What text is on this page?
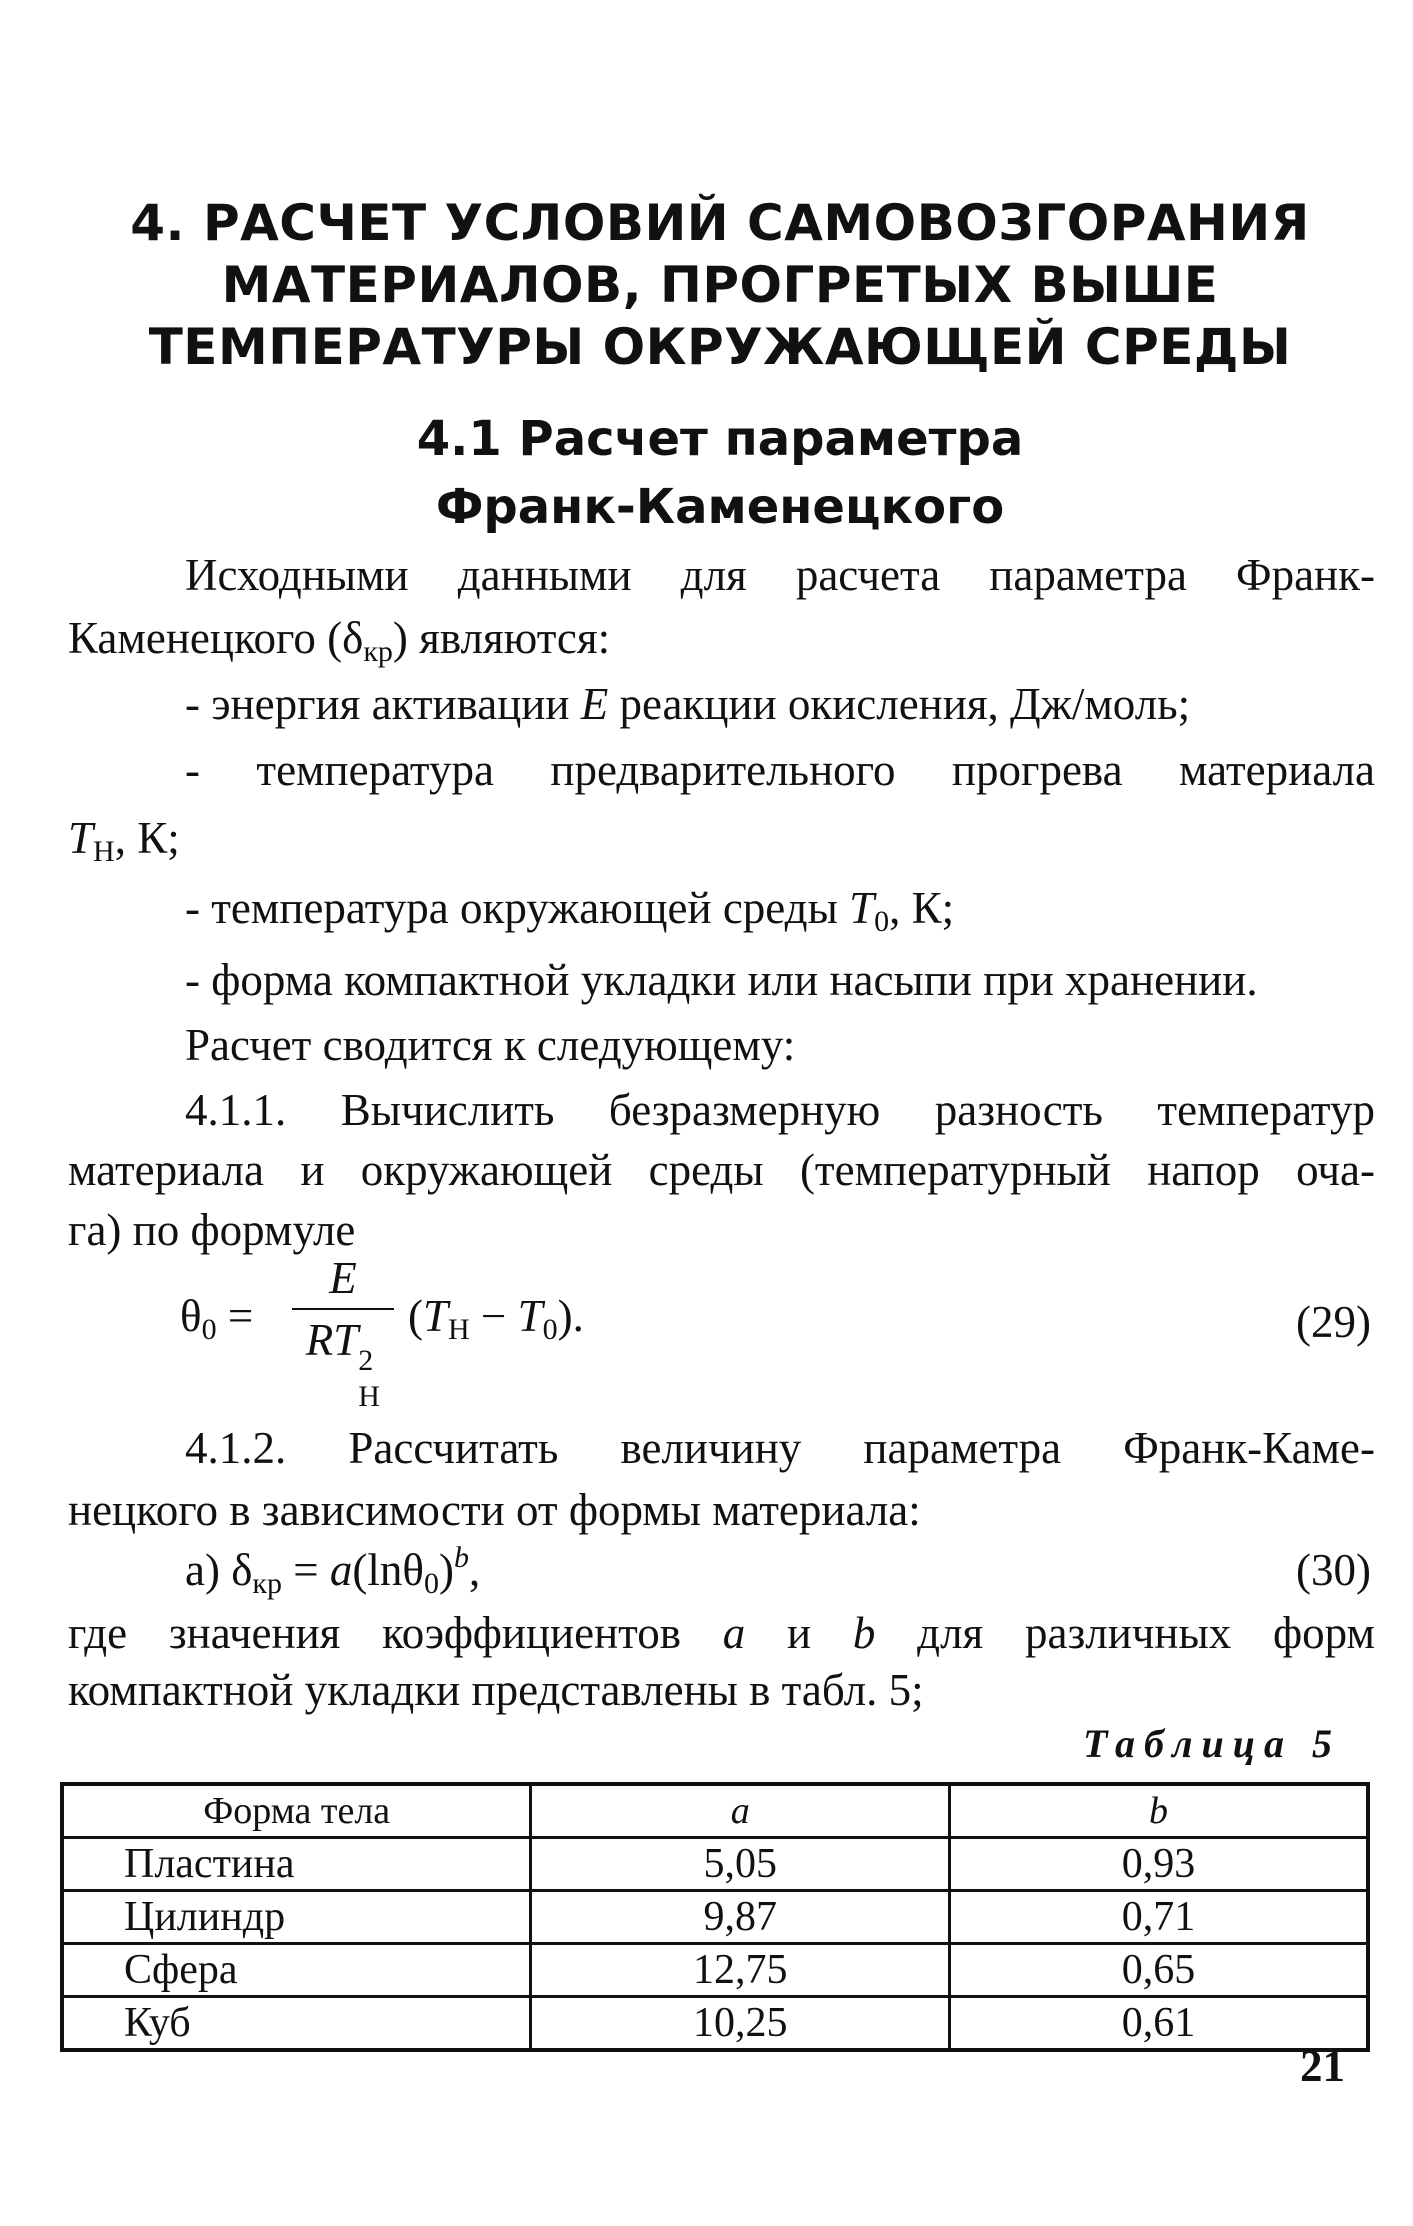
4. РАСЧЕТ УСЛОВИЙ САМОВОЗГОРАНИЯ
МАТЕРИАЛОВ, ПРОГРЕТЫХ ВЫШЕ
ТЕМПЕРАТУРЫ ОКРУЖАЮЩЕЙ СРЕДЫ
4.1 Расчет параметра
Франк-Каменецкого
Исходными данными для расчета параметра Франк-
Каменецкого $(\delta_{кр})$ являются:
- энергия активации E реакции окисления, Дж/моль;
- температура предварительного прогрева материала
$T_Н$, К;
- температура окружающей среды $T_0$, К;
- форма компактной укладки или насыпи при хранении.
Расчет сводится к следующему:
4.1.1. Вычислить безразмерную разность температур
материала и окружающей среды (температурный напор оча-
га) по формуле
$\theta_0$ =
E
RT 2
Н
$(T_Н - T_0)$.	(29)
4.1.2. Рассчитать величину параметра Франк-Каме-
нецкого в зависимости от формы материала:
а) $\delta_{кр} = a(\ln\theta_0)^b$,	(30)
где значения коэффициентов a и b для различных форм
компактной укладки представлены в табл. 5;
Таблица 5
Форма тела	a	b
Пластина	5,05	0,93
Цилиндр	9,87	0,71
Сфера	12,75	0,65
Куб	10,25	0,61
21
